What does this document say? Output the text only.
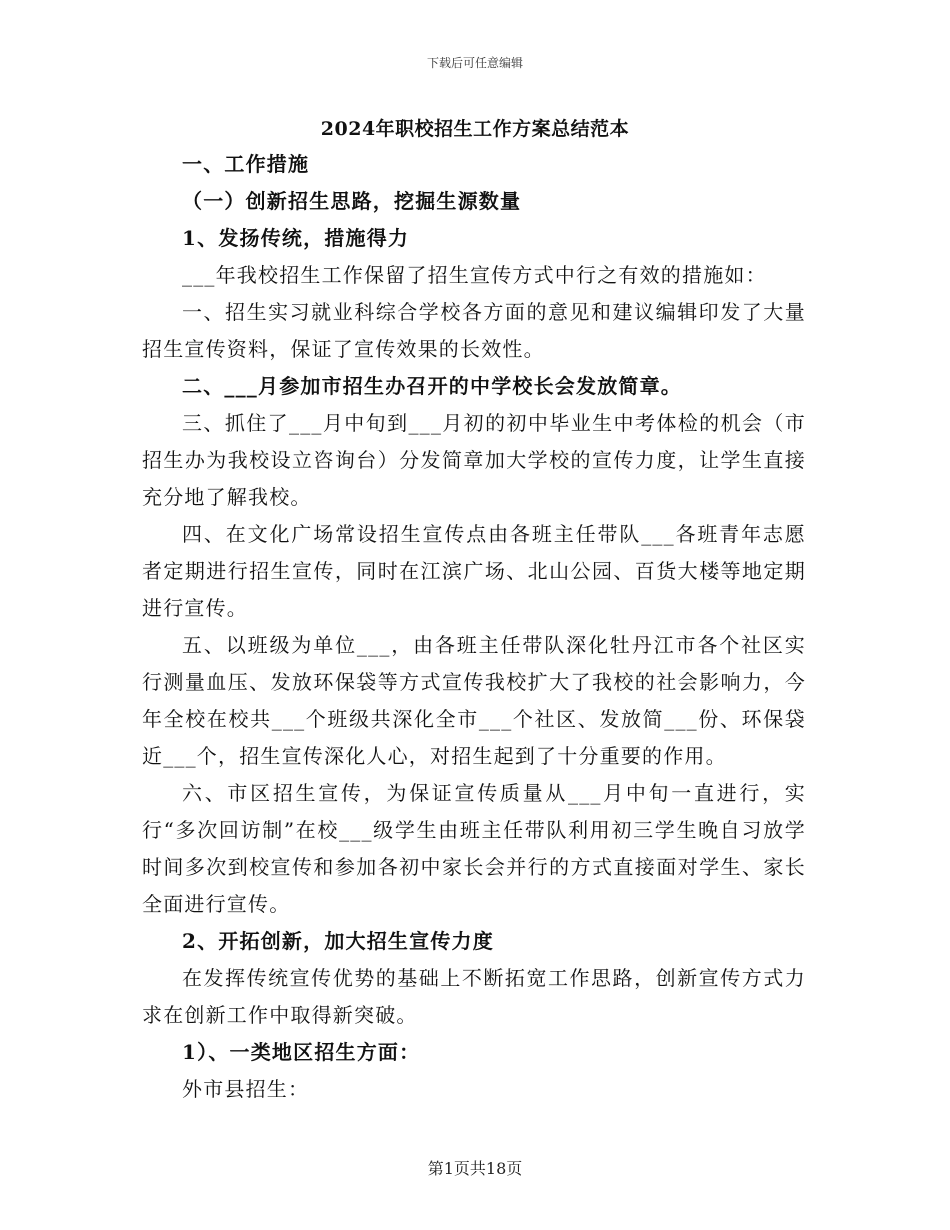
下载后可任意编辑
2024年职校招生工作方案总结范本

一、工作措施

（一）创新招生思路，挖掘生源数量

1、发扬传统，措施得力

___年我校招生工作保留了招生宣传方式中行之有效的措施如：

一、招生实习就业科综合学校各方面的意见和建议编辑印发了大量招生宣传资料，保证了宣传效果的长效性。

二、___月参加市招生办召开的中学校长会发放简章。

三、抓住了___月中旬到___月初的初中毕业生中考体检的机会（市招生办为我校设立咨询台）分发简章加大学校的宣传力度，让学生直接充分地了解我校。

四、在文化广场常设招生宣传点由各班主任带队___各班青年志愿者定期进行招生宣传，同时在江滨广场、北山公园、百货大楼等地定期进行宣传。

五、以班级为单位___，由各班主任带队深化牡丹江市各个社区实行测量血压、发放环保袋等方式宣传我校扩大了我校的社会影响力，今年全校在校共___个班级共深化全市___个社区、发放简___份、环保袋近___个，招生宣传深化人心，对招生起到了十分重要的作用。

六、市区招生宣传，为保证宣传质量从___月中旬一直进行，实行“多次回访制”在校___级学生由班主任带队利用初三学生晚自习放学时间多次到校宣传和参加各初中家长会并行的方式直接面对学生、家长全面进行宣传。

2、开拓创新，加大招生宣传力度

在发挥传统宣传优势的基础上不断拓宽工作思路，创新宣传方式力求在创新工作中取得新突破。

1）、一类地区招生方面：

外市县招生：

第1页共18页
